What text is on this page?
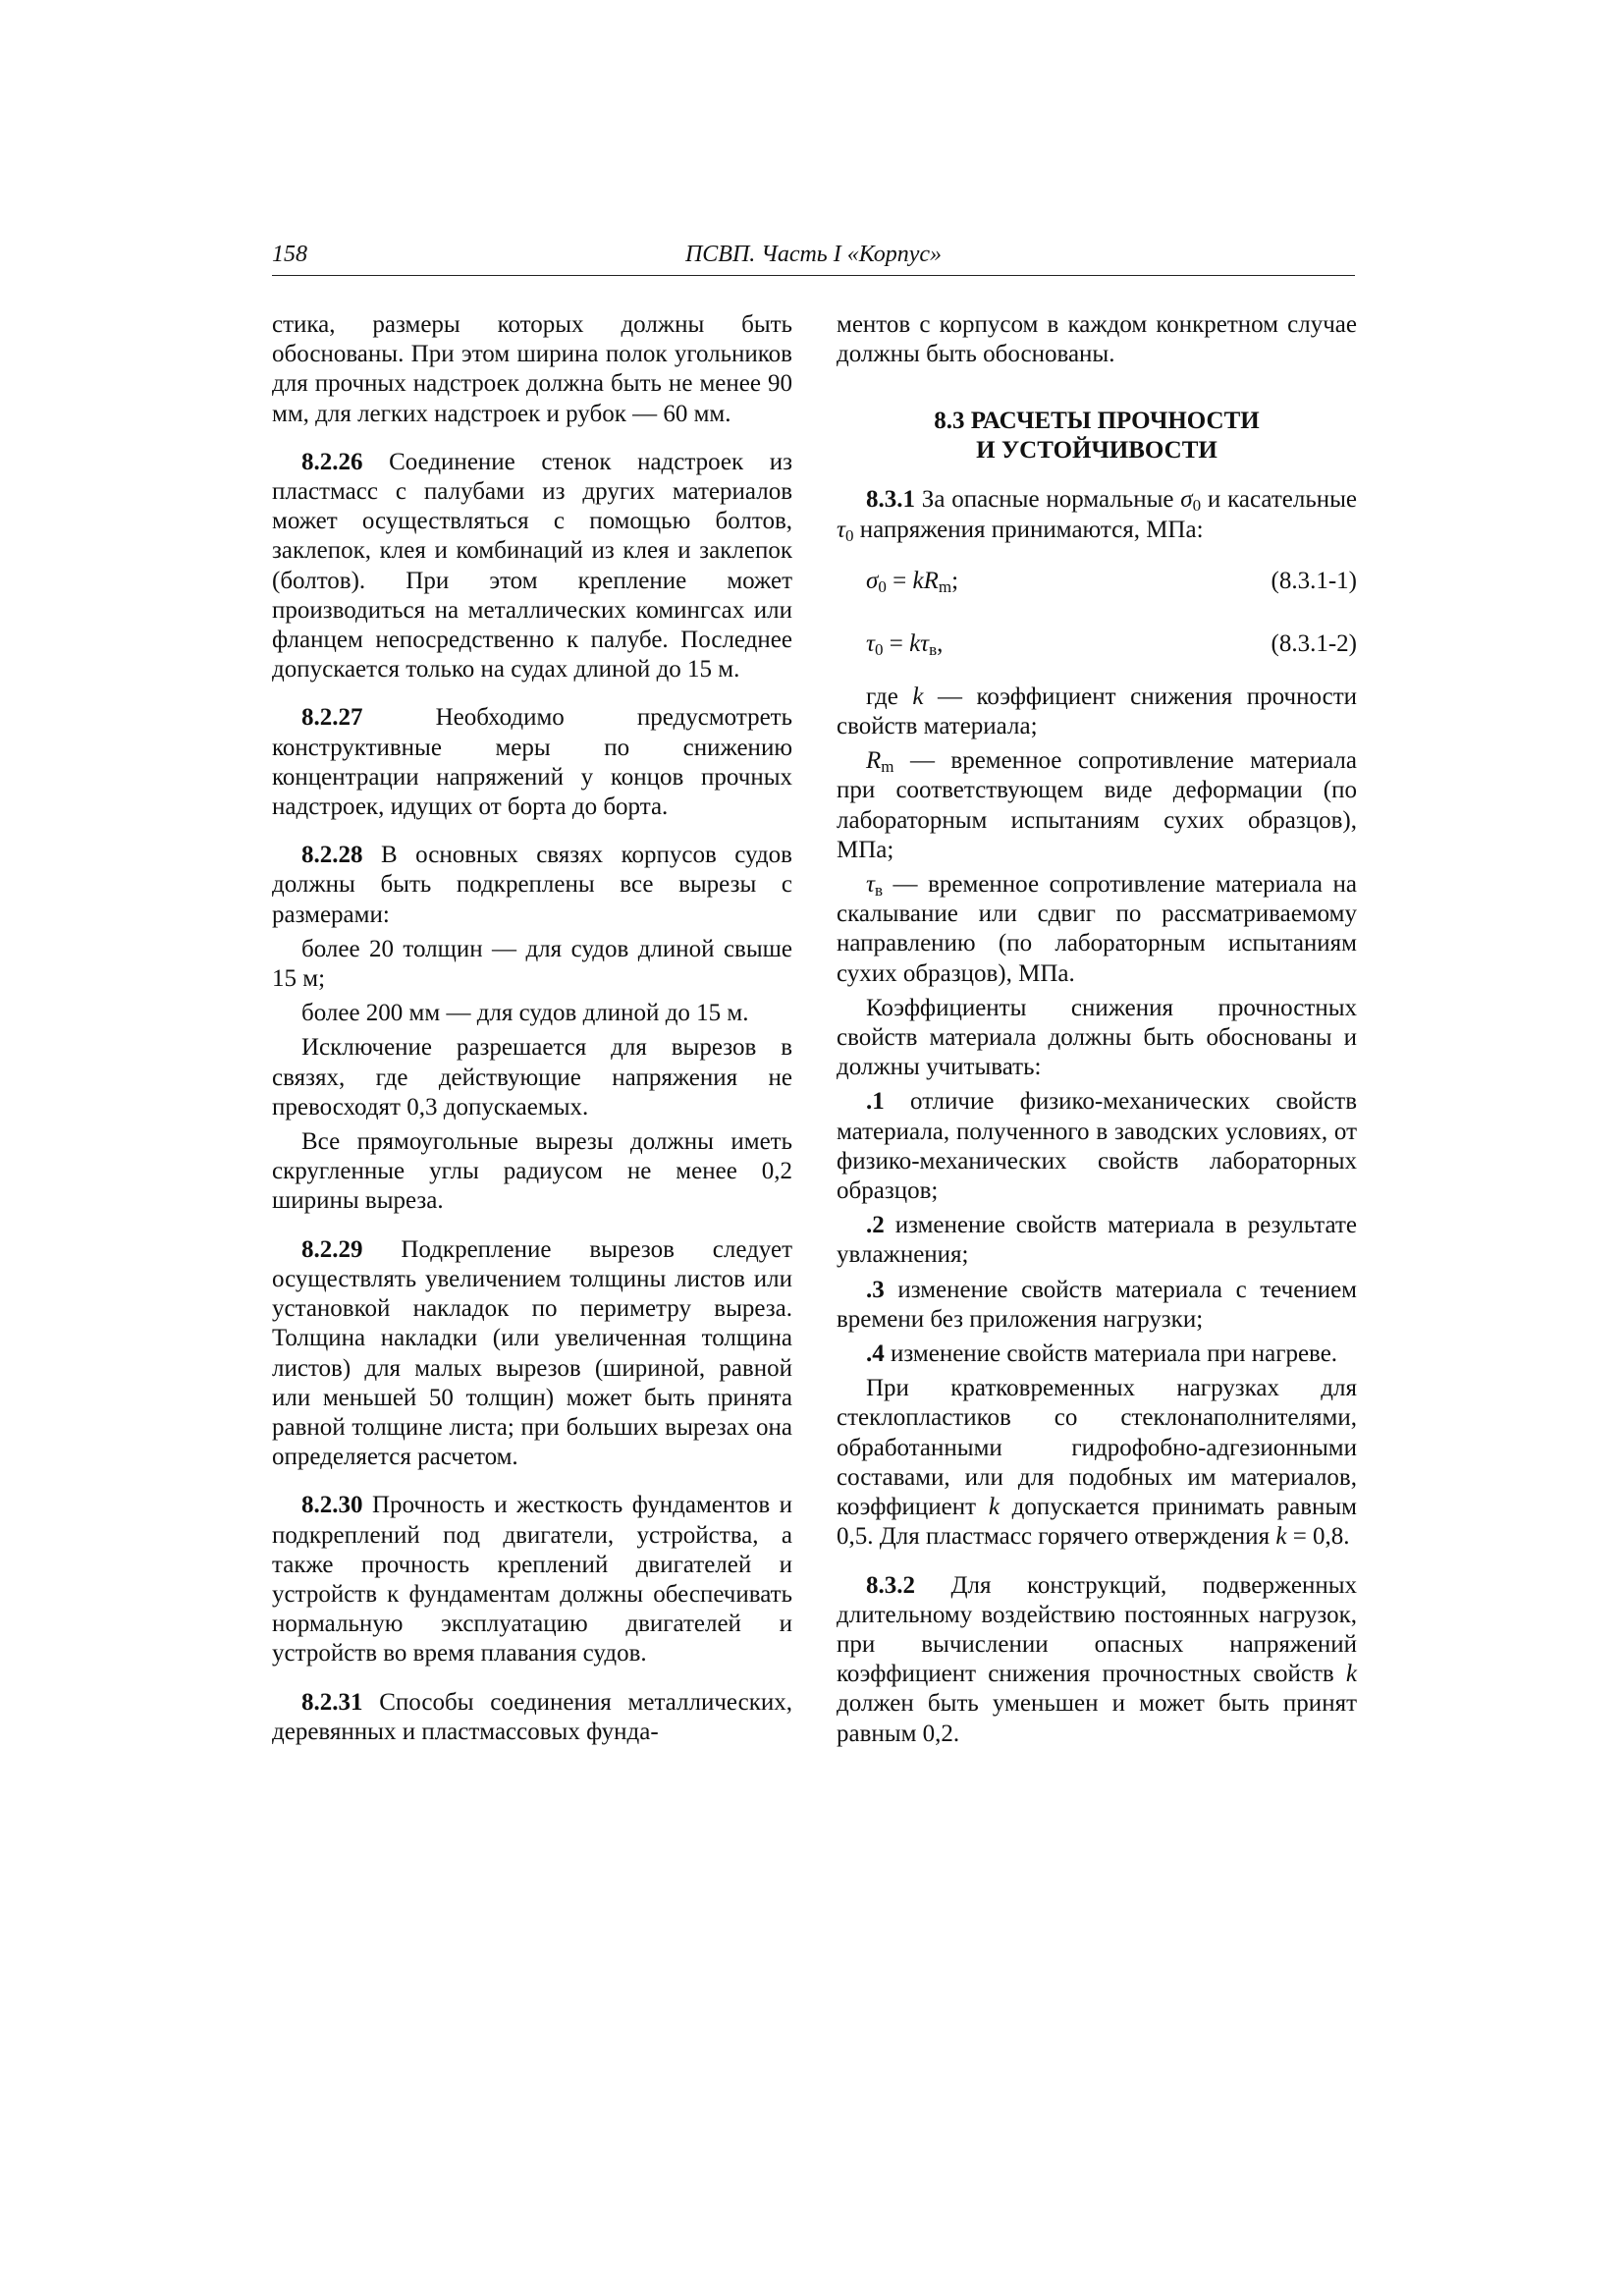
158	ПСВП. Часть I «Корпус»

стика, размеры которых должны быть обоснованы. При этом ширина полок угольников для прочных надстроек должна быть не менее 90 мм, для легких надстроек и рубок — 60 мм.

8.2.26 Соединение стенок надстроек из пластмасс с палубами из других материалов может осуществляться с помощью болтов, заклепок, клея и комбинаций из клея и заклепок (болтов). При этом крепление может производиться на металлических комингсах или фланцем непосредственно к палубе. Последнее допускается только на судах длиной до 15 м.

8.2.27 Необходимо предусмотреть конструктивные меры по снижению концентрации напряжений у концов прочных надстроек, идущих от борта до борта.

8.2.28 В основных связях корпусов судов должны быть подкреплены все вырезы с размерами:

более 20 толщин — для судов длиной свыше 15 м;

более 200 мм — для судов длиной до 15 м.

Исключение разрешается для вырезов в связях, где действующие напряжения не превосходят 0,3 допускаемых.

Все прямоугольные вырезы должны иметь скругленные углы радиусом не менее 0,2 ширины выреза.

8.2.29 Подкрепление вырезов следует осуществлять увеличением толщины листов или установкой накладок по периметру выреза. Толщина накладки (или увеличенная толщина листов) для малых вырезов (шириной, равной или меньшей 50 толщин) может быть принята равной толщине листа; при больших вырезах она определяется расчетом.

8.2.30 Прочность и жесткость фундаментов и подкреплений под двигатели, устройства, а также прочность креплений двигателей и устройств к фундаментам должны обеспечивать нормальную эксплуатацию двигателей и устройств во время плавания судов.

8.2.31 Способы соединения металлических, деревянных и пластмассовых фунда-

ментов с корпусом в каждом конкретном случае должны быть обоснованы.

8.3 РАСЧЕТЫ ПРОЧНОСТИ
И УСТОЙЧИВОСТИ

8.3.1 За опасные нормальные $\sigma_0$ и касательные $\tau_0$ напряжения принимаются, МПа:

$\sigma_0 = kR_m$;	(8.3.1-1)
$\tau_0 = k\tau_в$,	(8.3.1-2)

где k — коэффициент снижения прочности свойств материала;

$R_m$ — временное сопротивление материала при соответствующем виде деформации (по лабораторным испытаниям сухих образцов), МПа;

$\tau_в$ — временное сопротивление материала на скалывание или сдвиг по рассматриваемому направлению (по лабораторным испытаниям сухих образцов), МПа.

Коэффициенты снижения прочностных свойств материала должны быть обоснованы и должны учитывать:

.1 отличие физико-механических свойств материала, полученного в заводских условиях, от физико-механических свойств лабораторных образцов;

.2 изменение свойств материала в результате увлажнения;

.3 изменение свойств материала с течением времени без приложения нагрузки;

.4 изменение свойств материала при нагреве.

При кратковременных нагрузках для стеклопластиков со стеклонаполнителями, обработанными гидрофобно-адгезионными составами, или для подобных им материалов, коэффициент k допускается принимать равным 0,5. Для пластмасс горячего отверждения k = 0,8.

8.3.2 Для конструкций, подверженных длительному воздействию постоянных нагрузок, при вычислении опасных напряжений коэффициент снижения прочностных свойств k должен быть уменьшен и может быть принят равным 0,2.
